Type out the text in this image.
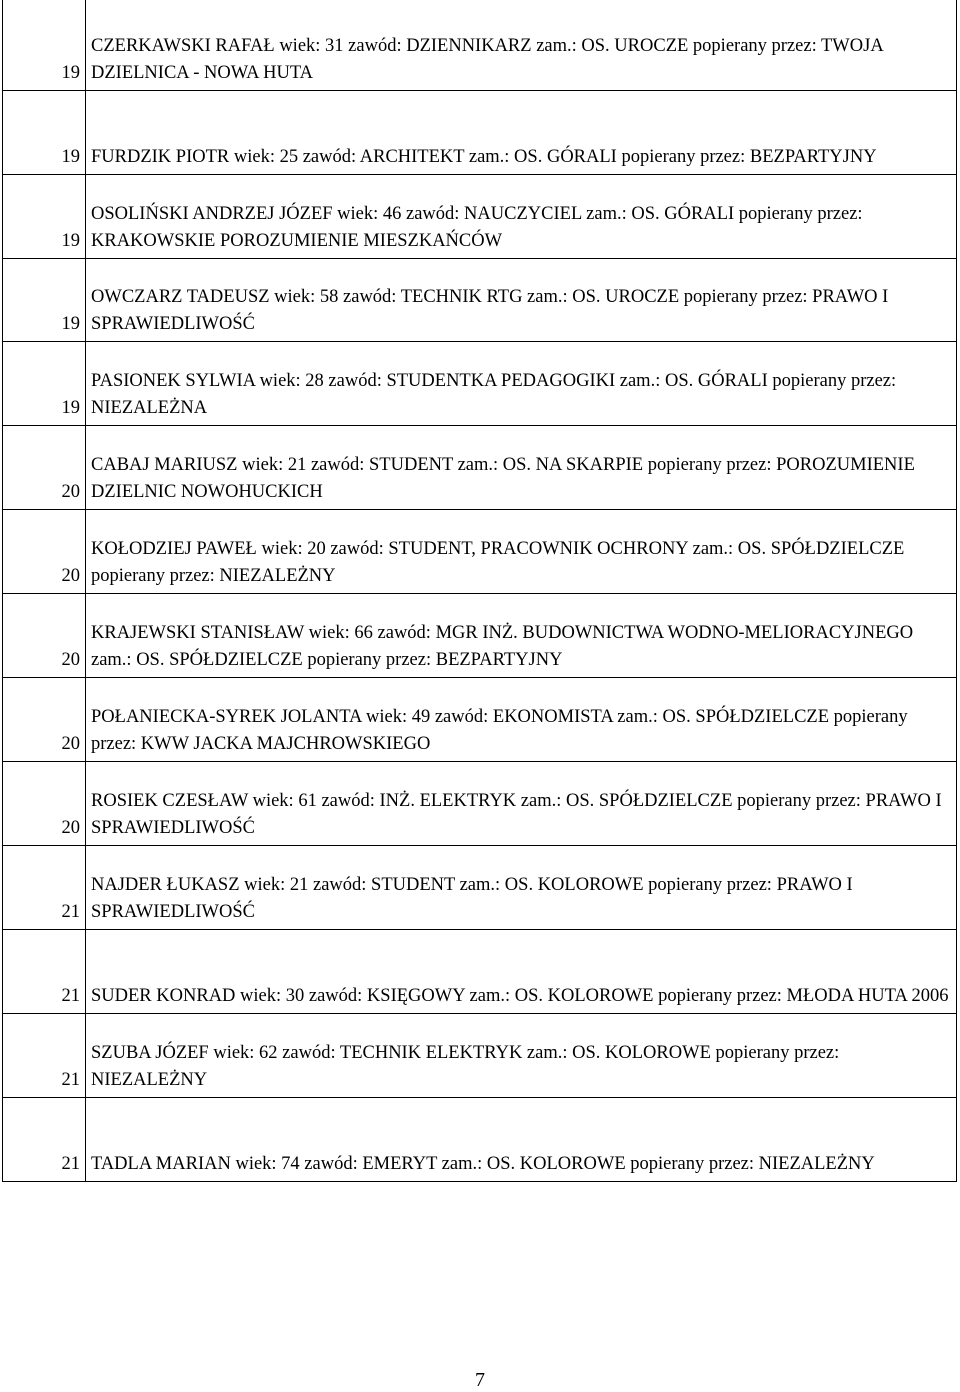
19	CZERKAWSKI RAFAŁ wiek: 31 zawód: DZIENNIKARZ zam.: OS. UROCZE popierany przez: TWOJA DZIELNICA - NOWA HUTA

19	FURDZIK PIOTR wiek: 25 zawód: ARCHITEKT zam.: OS. GÓRALI popierany przez: BEZPARTYJNY

19	OSOLIŃSKI ANDRZEJ JÓZEF wiek: 46 zawód: NAUCZYCIEL zam.: OS. GÓRALI popierany przez: KRAKOWSKIE POROZUMIENIE MIESZKAŃCÓW

19	OWCZARZ TADEUSZ wiek: 58 zawód: TECHNIK RTG zam.: OS. UROCZE popierany przez: PRAWO I SPRAWIEDLIWOŚĆ

19	PASIONEK SYLWIA wiek: 28 zawód: STUDENTKA PEDAGOGIKI zam.: OS. GÓRALI popierany przez: NIEZALEŻNA

20	CABAJ MARIUSZ wiek: 21 zawód: STUDENT zam.: OS. NA SKARPIE popierany przez: POROZUMIENIE DZIELNIC NOWOHUCKICH

20	KOŁODZIEJ PAWEŁ wiek: 20 zawód: STUDENT, PRACOWNIK OCHRONY zam.: OS. SPÓŁDZIELCZE popierany przez: NIEZALEŻNY

20	KRAJEWSKI STANISŁAW wiek: 66 zawód: MGR INŻ. BUDOWNICTWA WODNO-MELIORACYJNEGO zam.: OS. SPÓŁDZIELCZE popierany przez: BEZPARTYJNY

20	POŁANIECKA-SYREK JOLANTA wiek: 49 zawód: EKONOMISTA zam.: OS. SPÓŁDZIELCZE popierany przez: KWW JACKA MAJCHROWSKIEGO

20	ROSIEK CZESŁAW wiek: 61 zawód: INŻ. ELEKTRYK zam.: OS. SPÓŁDZIELCZE popierany przez: PRAWO I SPRAWIEDLIWOŚĆ

21	NAJDER ŁUKASZ wiek: 21 zawód: STUDENT zam.: OS. KOLOROWE popierany przez: PRAWO I SPRAWIEDLIWOŚĆ

21	SUDER KONRAD wiek: 30 zawód: KSIĘGOWY zam.: OS. KOLOROWE popierany przez: MŁODA HUTA 2006

21	SZUBA JÓZEF wiek: 62 zawód: TECHNIK ELEKTRYK zam.: OS. KOLOROWE popierany przez: NIEZALEŻNY

21	TADLA MARIAN wiek: 74 zawód: EMERYT zam.: OS. KOLOROWE popierany przez: NIEZALEŻNY
7
